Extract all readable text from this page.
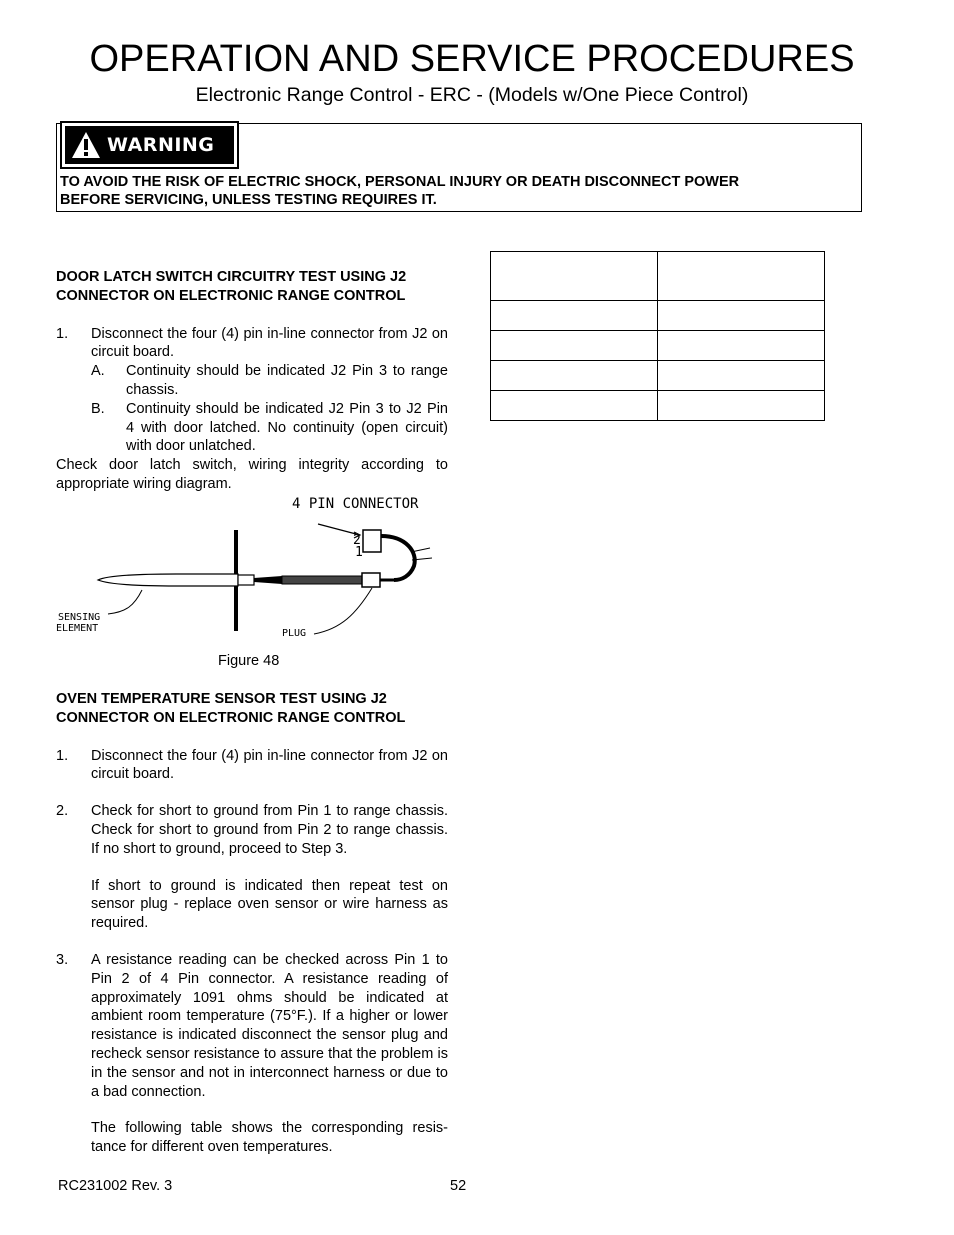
OPERATION AND SERVICE PROCEDURES
Electronic Range Control - ERC - (Models w/One Piece Control)
WARNING
TO AVOID THE RISK OF ELECTRIC SHOCK, PERSONAL INJURY OR DEATH DISCONNECT POWER
BEFORE SERVICING, UNLESS TESTING REQUIRES IT.
DOOR LATCH SWITCH CIRCUITRY TEST USING J2 CONNECTOR ON ELECTRONIC RANGE CONTROL
1. Disconnect the four (4) pin in-line connector from J2 on circuit board.
A. Continuity should be indicated J2 Pin 3 to range chassis.
B. Continuity should be indicated J2 Pin 3 to J2 Pin 4 with door latched. No continuity (open circuit) with door unlatched.
Check door latch switch, wiring integrity according to appropriate wiring diagram.
4 PIN CONNECTOR
2
1
SENSING
ELEMENT	PLUG
Figure 48
OVEN TEMPERATURE SENSOR TEST USING J2 CONNECTOR ON ELECTRONIC RANGE CONTROL
1. Disconnect the four (4) pin in-line connector from J2 on circuit board.
2. Check for short to ground from Pin 1 to range chassis. Check for short to ground from Pin 2 to range chassis. If no short to ground, proceed to Step 3.
If short to ground is indicated then repeat test on sensor plug - replace oven sensor or wire harness as required.
3. A resistance reading can be checked across Pin 1 to Pin 2 of 4 Pin connector. A resistance reading of approximately 1091 ohms should be indicated at ambient room temperature (75°F.). If a higher or lower resistance is indicated disconnect the sensor plug and recheck sensor resistance to assure that the problem is in the sensor and not in interconnect harness or due to a bad connection.
The following table shows the corresponding resis-tance for different oven temperatures.

RC231002 Rev. 3	52
